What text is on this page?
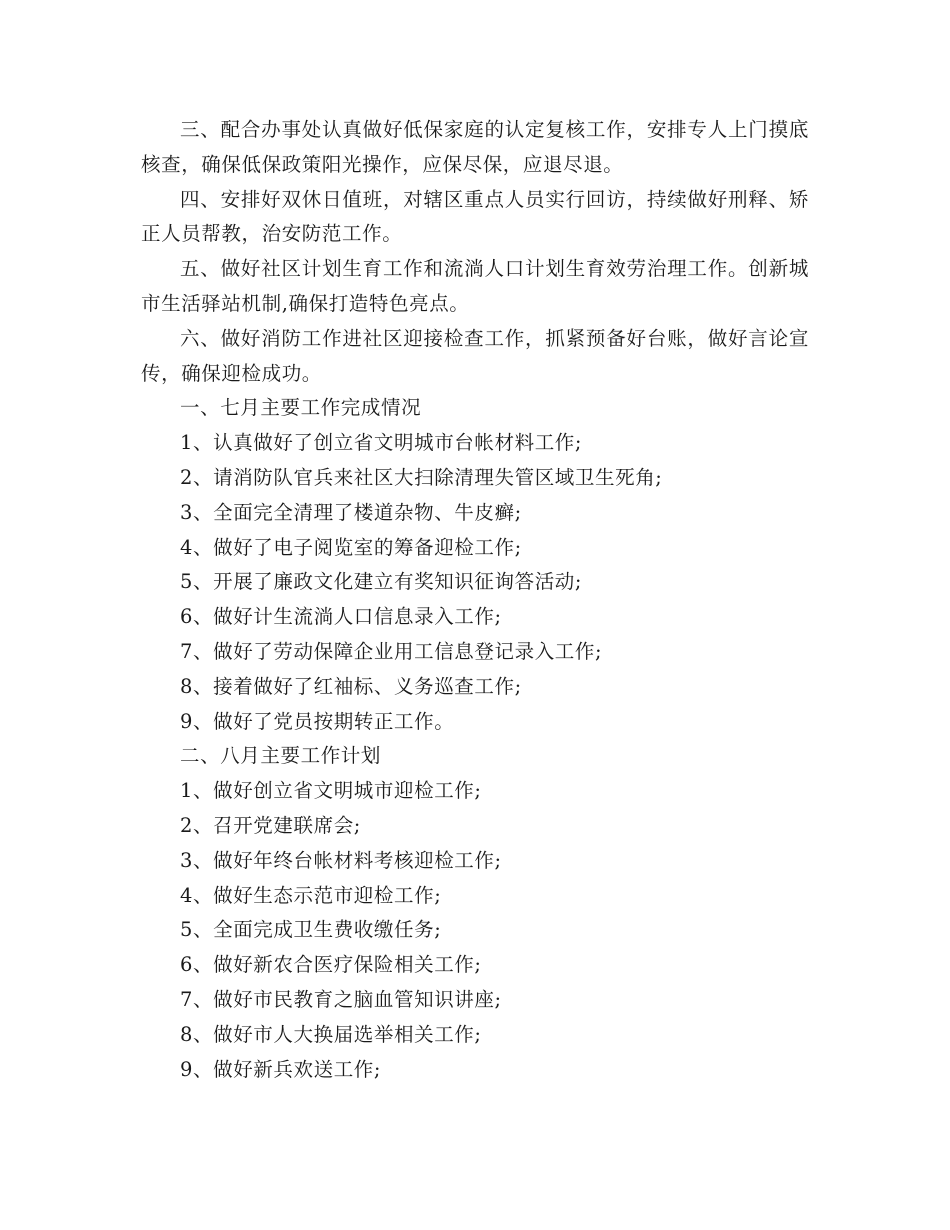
三、配合办事处认真做好低保家庭的认定复核工作，安排专人上门摸底核查，确保低保政策阳光操作，应保尽保，应退尽退。

四、安排好双休日值班，对辖区重点人员实行回访，持续做好刑释、矫正人员帮教，治安防范工作。

五、做好社区计划生育工作和流淌人口计划生育效劳治理工作。创新城市生活驿站机制,确保打造特色亮点。

六、做好消防工作进社区迎接检查工作，抓紧预备好台账，做好言论宣传，确保迎检成功。

一、七月主要工作完成情况

1、认真做好了创立省文明城市台帐材料工作;

2、请消防队官兵来社区大扫除清理失管区域卫生死角;

3、全面完全清理了楼道杂物、牛皮癣;

4、做好了电子阅览室的筹备迎检工作;

5、开展了廉政文化建立有奖知识征询答活动;

6、做好计生流淌人口信息录入工作;

7、做好了劳动保障企业用工信息登记录入工作;

8、接着做好了红袖标、义务巡查工作;

9、做好了党员按期转正工作。

二、八月主要工作计划

1、做好创立省文明城市迎检工作;

2、召开党建联席会;

3、做好年终台帐材料考核迎检工作;

4、做好生态示范市迎检工作;

5、全面完成卫生费收缴任务;

6、做好新农合医疗保险相关工作;

7、做好市民教育之脑血管知识讲座;

8、做好市人大换届选举相关工作;

9、做好新兵欢送工作;
